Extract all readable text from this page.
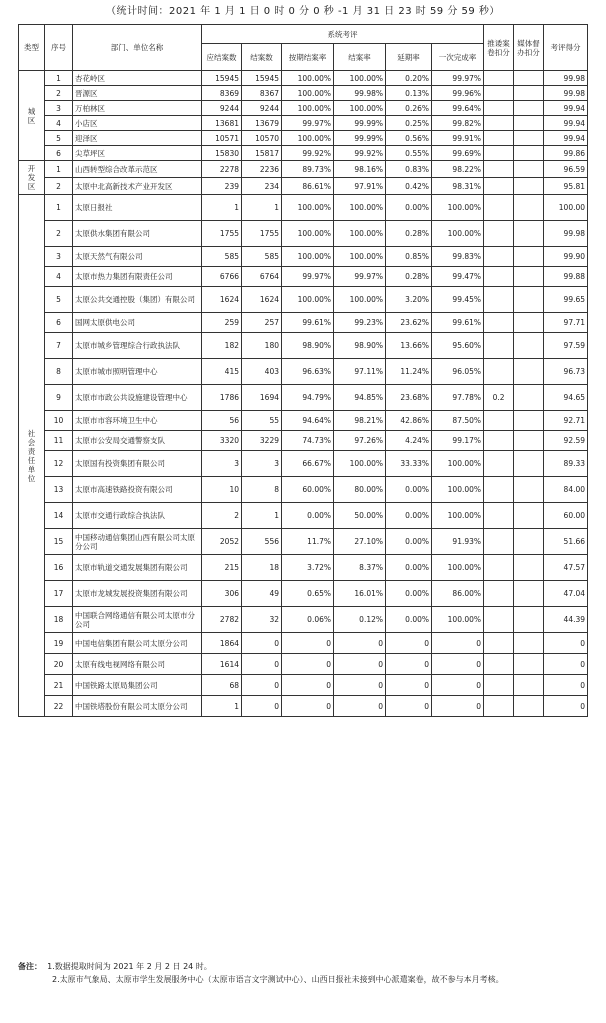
（统计时间：2021 年 1 月 1 日 0 时 0 分 0 秒 -1 月 31 日 23 时 59 分 59 秒）
类型	序号	部门、单位名称	系统考评						推诿案卷扣分	媒体督办扣分	考评得分
			应结案数	结案数	按期结案率	结案率	延期率	一次完成率			
城区	1	杏花岭区	15945	15945	100.00%	100.00%	0.20%	99.97%			99.98
	2	晋源区	8369	8367	100.00%	99.98%	0.13%	99.96%			99.98
	3	万柏林区	9244	9244	100.00%	100.00%	0.26%	99.64%			99.94
	4	小店区	13681	13679	99.97%	99.99%	0.25%	99.82%			99.94
	5	迎泽区	10571	10570	100.00%	99.99%	0.56%	99.91%			99.94
	6	尖草坪区	15830	15817	99.92%	99.92%	0.55%	99.69%			99.86
开发区	1	山西转型综合改革示范区	2278	2236	89.73%	98.16%	0.83%	98.22%			96.59
	2	太原中北高新技术产业开发区	239	234	86.61%	97.91%	0.42%	98.31%			95.81
社会责任单位	1	太原日报社	1	1	100.00%	100.00%	0.00%	100.00%			100.00
	2	太原供水集团有限公司	1755	1755	100.00%	100.00%	0.28%	100.00%			99.98
	3	太原天然气有限公司	585	585	100.00%	100.00%	0.85%	99.83%			99.90
	4	太原市热力集团有限责任公司	6766	6764	99.97%	99.97%	0.28%	99.47%			99.88
	5	太原公共交通控股（集团）有限公司	1624	1624	100.00%	100.00%	3.20%	99.45%			99.65
	6	国网太原供电公司	259	257	99.61%	99.23%	23.62%	99.61%			97.71
	7	太原市城乡管理综合行政执法队	182	180	98.90%	98.90%	13.66%	95.60%			97.59
	8	太原市城市照明管理中心	415	403	96.63%	97.11%	11.24%	96.05%			96.73
	9	太原市市政公共设施建设管理中心	1786	1694	94.79%	94.85%	23.68%	97.78%	0.2		94.65
	10	太原市市容环境卫生中心	56	55	94.64%	98.21%	42.86%	87.50%			92.71
	11	太原市公安局交通警察支队	3320	3229	74.73%	97.26%	4.24%	99.17%			92.59
	12	太原国有投资集团有限公司	3	3	66.67%	100.00%	33.33%	100.00%			89.33
	13	太原市高速铁路投资有限公司	10	8	60.00%	80.00%	0.00%	100.00%			84.00
	14	太原市交通行政综合执法队	2	1	0.00%	50.00%	0.00%	100.00%			60.00
	15	中国移动通信集团山西有限公司太原分公司	2052	556	11.7%	27.10%	0.00%	91.93%			51.66
	16	太原市轨道交通发展集团有限公司	215	18	3.72%	8.37%	0.00%	100.00%			47.57
	17	太原市龙城发展投资集团有限公司	306	49	0.65%	16.01%	0.00%	86.00%			47.04
	18	中国联合网络通信有限公司太原市分公司	2782	32	0.06%	0.12%	0.00%	100.00%			44.39
	19	中国电信集团有限公司太原分公司	1864	0	0	0	0	0			0
	20	太原有线电视网络有限公司	1614	0	0	0	0	0			0
	21	中国铁路太原局集团公司	68	0	0	0	0	0			0
	22	中国铁塔股份有限公司太原分公司	1	0	0	0	0	0			0

备注： 1.数据提取时间为 2021 年 2 月 2 日 24 时。

2.太原市气象局、太原市学生发展服务中心（太原市语言文字测试中心）、山西日报社未接到中心派遣案卷，故不参与本月考核。
